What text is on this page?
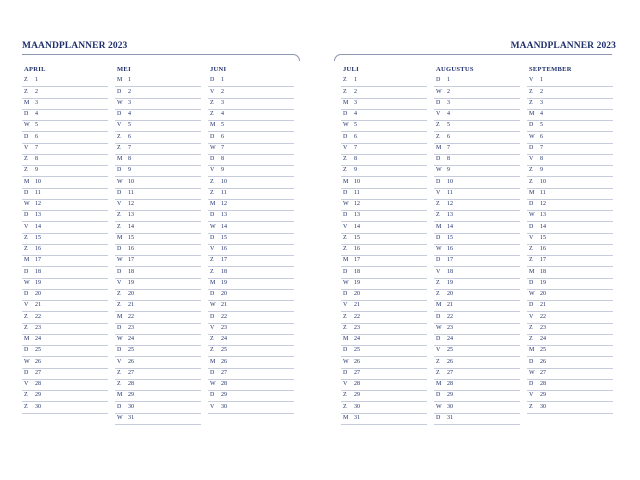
MAANDPLANNER 2023
APRIL
Z	1
Z	2
M 3
D	4
W 5
D	6
V	7
Z	8
Z	9
M 10
D	11
W 12
D	13
V	14
Z	15
Z	16
M 17
D	18
W 19
D	20
V	21
Z	22
Z	23
M 24
D	25
W 26
D	27
V	28
Z	29
Z	30
MEI
M 1
D	2
W 3
D	4
V	5
Z	6
Z	7
M 8
D	9
W 10
D	11
V	12
Z	13
Z	14
M 15
D	16
W 17
D	18
V	19
Z	20
Z	21
M 22
D	23
W 24
D	25
V	26
Z	27
Z	28
M 29
D	30
W 31
JUNI
D	1
V	2
Z	3
Z	4
M 5
D	6
W 7
D	8
V	9
Z	10
Z	11
M 12
D	13
W 14
D	15
V	16
Z	17
Z	18
M 19
D	20
W 21
D	22
V	23
Z	24
Z	25
M 26
D	27
W 28
D	29
V	30
MAANDPLANNER 2023
JULI
Z	1
Z	2
M 3
D	4
W 5
D	6
V	7
Z	8
Z	9
M 10
D	11
W 12
D	13
V	14
Z	15
Z	16
M 17
D	18
W 19
D	20
V	21
Z	22
Z	23
M 24
D	25
W 26
D	27
V	28
Z	29
Z	30
M 31
AUGUSTUS
D	1
W 2
D	3
V	4
Z	5
Z	6
M 7
D	8
W 9
D	10
V	11
Z	12
Z	13
M 14
D	15
W 16
D	17
V	18
Z	19
Z	20
M 21
D	22
W 23
D	24
V	25
Z	26
Z	27
M 28
D	29
W 30
D	31
SEPTEMBER
V	1
Z	2
Z	3
M 4
D	5
W 6
D	7
V	8
Z	9
Z	10
M 11
D	12
W 13
D	14
V	15
Z	16
Z	17
M 18
D	19
W 20
D	21
V	22
Z	23
Z	24
M 25
D	26
W 27
D	28
V	29
Z	30
